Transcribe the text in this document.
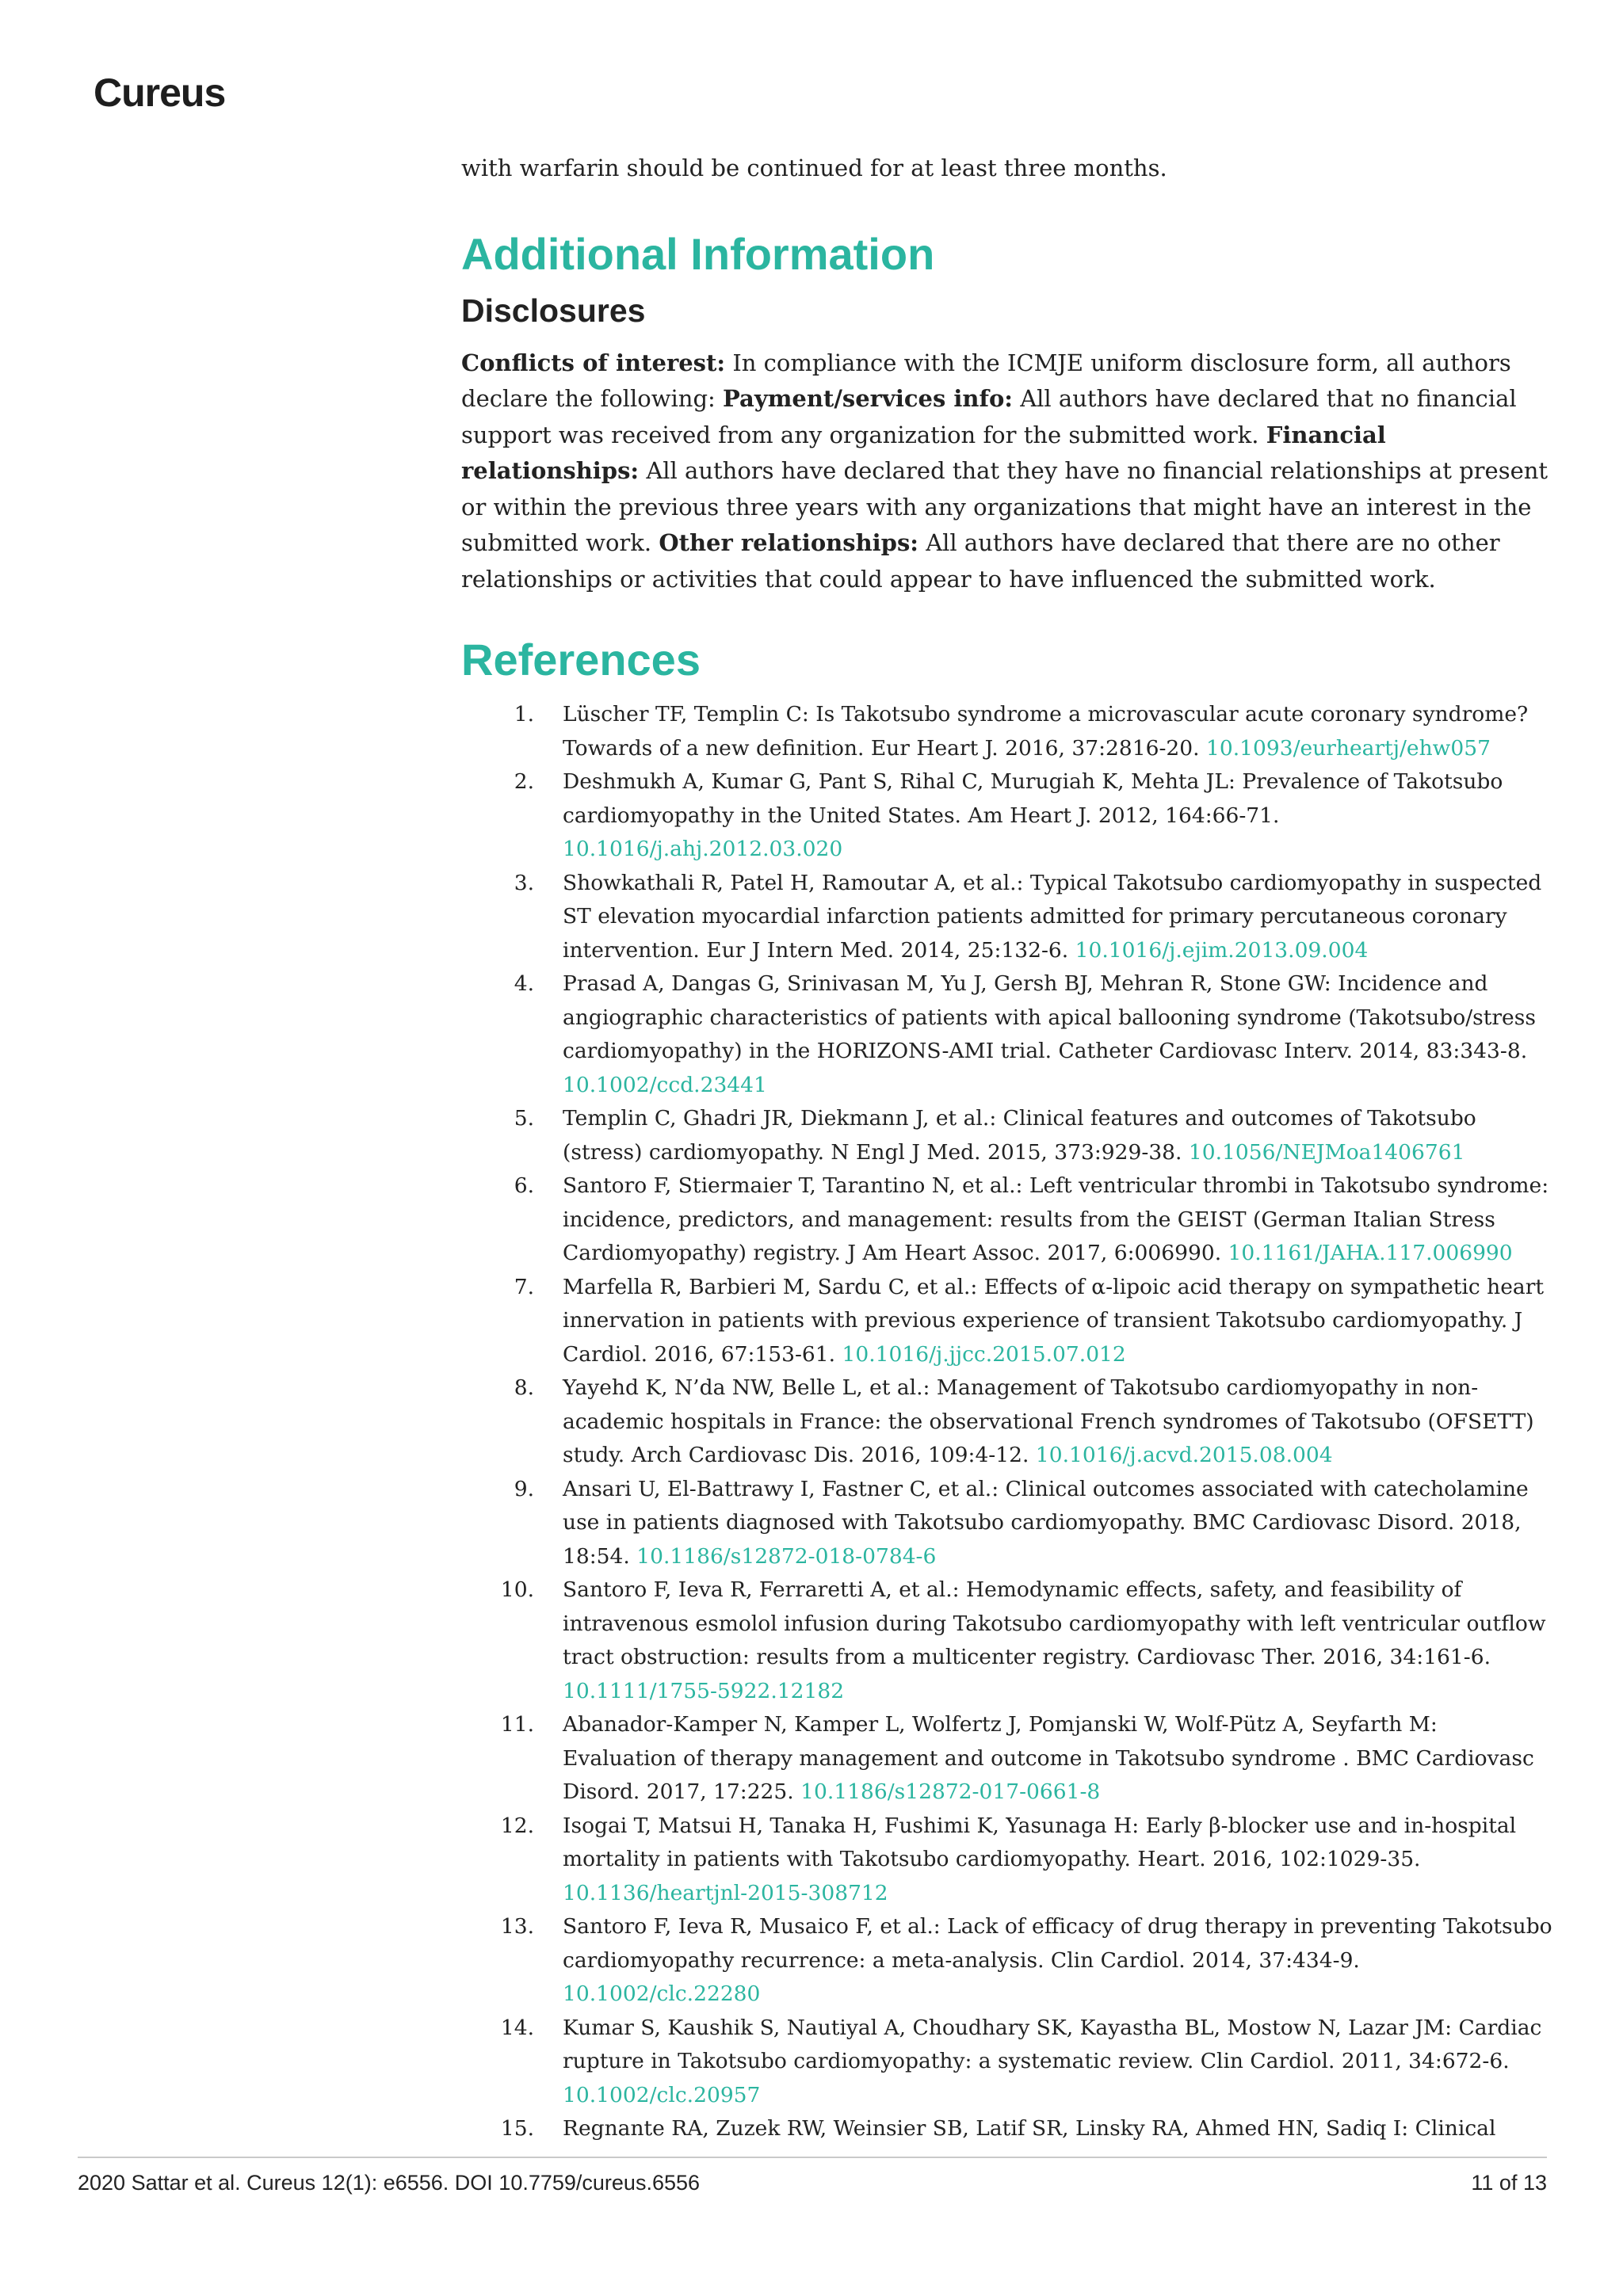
Cureus

with warfarin should be continued for at least three months.

Additional Information
Disclosures

Conflicts of interest: In compliance with the ICMJE uniform disclosure form, all authors declare the following: Payment/services info: All authors have declared that no financial support was received from any organization for the submitted work. Financial relationships: All authors have declared that they have no financial relationships at present or within the previous three years with any organizations that might have an interest in the submitted work. Other relationships: All authors have declared that there are no other relationships or activities that could appear to have influenced the submitted work.

References
1. Lüscher TF, Templin C: Is Takotsubo syndrome a microvascular acute coronary syndrome? Towards of a new definition. Eur Heart J. 2016, 37:2816-20. 10.1093/eurheartj/ehw057
2. Deshmukh A, Kumar G, Pant S, Rihal C, Murugiah K, Mehta JL: Prevalence of Takotsubo cardiomyopathy in the United States. Am Heart J. 2012, 164:66-71. 10.1016/j.ahj.2012.03.020
3. Showkathali R, Patel H, Ramoutar A, et al.: Typical Takotsubo cardiomyopathy in suspected ST elevation myocardial infarction patients admitted for primary percutaneous coronary intervention. Eur J Intern Med. 2014, 25:132-6. 10.1016/j.ejim.2013.09.004
4. Prasad A, Dangas G, Srinivasan M, Yu J, Gersh BJ, Mehran R, Stone GW: Incidence and angiographic characteristics of patients with apical ballooning syndrome (Takotsubo/stress cardiomyopathy) in the HORIZONS-AMI trial. Catheter Cardiovasc Interv. 2014, 83:343-8. 10.1002/ccd.23441
5. Templin C, Ghadri JR, Diekmann J, et al.: Clinical features and outcomes of Takotsubo (stress) cardiomyopathy. N Engl J Med. 2015, 373:929-38. 10.1056/NEJMoa1406761
6. Santoro F, Stiermaier T, Tarantino N, et al.: Left ventricular thrombi in Takotsubo syndrome: incidence, predictors, and management: results from the GEIST (German Italian Stress Cardiomyopathy) registry. J Am Heart Assoc. 2017, 6:006990. 10.1161/JAHA.117.006990
7. Marfella R, Barbieri M, Sardu C, et al.: Effects of α-lipoic acid therapy on sympathetic heart innervation in patients with previous experience of transient Takotsubo cardiomyopathy. J Cardiol. 2016, 67:153-61. 10.1016/j.jjcc.2015.07.012
8. Yayehd K, N’da NW, Belle L, et al.: Management of Takotsubo cardiomyopathy in non-academic hospitals in France: the observational French syndromes of Takotsubo (OFSETT) study. Arch Cardiovasc Dis. 2016, 109:4-12. 10.1016/j.acvd.2015.08.004
9. Ansari U, El-Battrawy I, Fastner C, et al.: Clinical outcomes associated with catecholamine use in patients diagnosed with Takotsubo cardiomyopathy. BMC Cardiovasc Disord. 2018, 18:54. 10.1186/s12872-018-0784-6
10. Santoro F, Ieva R, Ferraretti A, et al.: Hemodynamic effects, safety, and feasibility of intravenous esmolol infusion during Takotsubo cardiomyopathy with left ventricular outflow tract obstruction: results from a multicenter registry. Cardiovasc Ther. 2016, 34:161-6. 10.1111/1755-5922.12182
11. Abanador-Kamper N, Kamper L, Wolfertz J, Pomjanski W, Wolf-Pütz A, Seyfarth M: Evaluation of therapy management and outcome in Takotsubo syndrome . BMC Cardiovasc Disord. 2017, 17:225. 10.1186/s12872-017-0661-8
12. Isogai T, Matsui H, Tanaka H, Fushimi K, Yasunaga H: Early β-blocker use and in-hospital mortality in patients with Takotsubo cardiomyopathy. Heart. 2016, 102:1029-35. 10.1136/heartjnl-2015-308712
13. Santoro F, Ieva R, Musaico F, et al.: Lack of efficacy of drug therapy in preventing Takotsubo cardiomyopathy recurrence: a meta-analysis. Clin Cardiol. 2014, 37:434-9. 10.1002/clc.22280
14. Kumar S, Kaushik S, Nautiyal A, Choudhary SK, Kayastha BL, Mostow N, Lazar JM: Cardiac rupture in Takotsubo cardiomyopathy: a systematic review. Clin Cardiol. 2011, 34:672-6. 10.1002/clc.20957
15. Regnante RA, Zuzek RW, Weinsier SB, Latif SR, Linsky RA, Ahmed HN, Sadiq I: Clinical
2020 Sattar et al. Cureus 12(1): e6556. DOI 10.7759/cureus.6556	11 of 13
